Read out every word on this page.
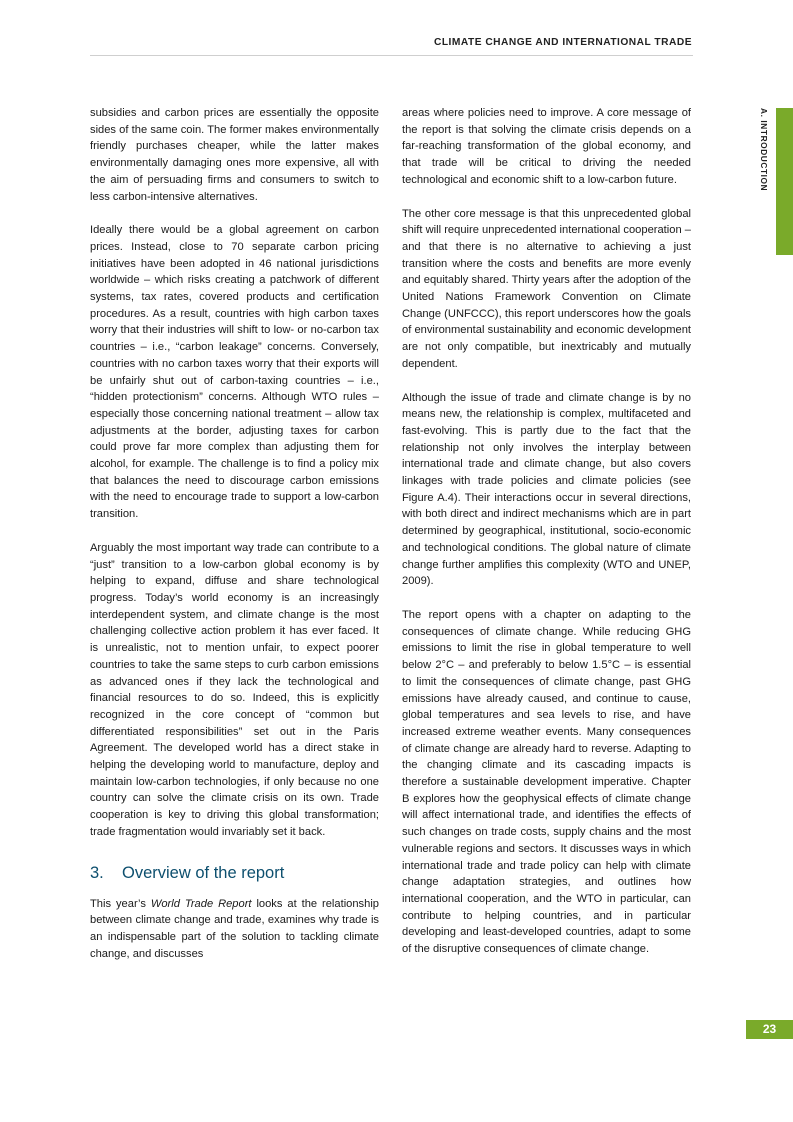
CLIMATE CHANGE AND INTERNATIONAL TRADE
A. INTRODUCTION

subsidies and carbon prices are essentially the opposite sides of the same coin. The former makes environmentally friendly purchases cheaper, while the latter makes environmentally damaging ones more expensive, all with the aim of persuading firms and consumers to switch to less carbon-intensive alternatives.

Ideally there would be a global agreement on carbon prices. Instead, close to 70 separate carbon pricing initiatives have been adopted in 46 national jurisdictions worldwide – which risks creating a patchwork of different systems, tax rates, covered products and certification procedures. As a result, countries with high carbon taxes worry that their industries will shift to low- or no-carbon tax countries – i.e., “carbon leakage” concerns. Conversely, countries with no carbon taxes worry that their exports will be unfairly shut out of carbon-taxing countries – i.e., “hidden protectionism” concerns. Although WTO rules – especially those concerning national treatment – allow tax adjustments at the border, adjusting taxes for carbon could prove far more complex than adjusting them for alcohol, for example. The challenge is to find a policy mix that balances the need to discourage carbon emissions with the need to encourage trade to support a low-carbon transition.

Arguably the most important way trade can contribute to a “just” transition to a low-carbon global economy is by helping to expand, diffuse and share technological progress. Today’s world economy is an increasingly interdependent system, and climate change is the most challenging collective action problem it has ever faced. It is unrealistic, not to mention unfair, to expect poorer countries to take the same steps to curb carbon emissions as advanced ones if they lack the technological and financial resources to do so. Indeed, this is explicitly recognized in the core concept of “common but differentiated responsibilities” set out in the Paris Agreement. The developed world has a direct stake in helping the developing world to manufacture, deploy and maintain low-carbon technologies, if only because no one country can solve the climate crisis on its own. Trade cooperation is key to driving this global transformation; trade fragmentation would invariably set it back.

3. Overview of the report

This year’s World Trade Report looks at the relationship between climate change and trade, examines why trade is an indispensable part of the solution to tackling climate change, and discusses

areas where policies need to improve. A core message of the report is that solving the climate crisis depends on a far-reaching transformation of the global economy, and that trade will be critical to driving the needed technological and economic shift to a low-carbon future.

The other core message is that this unprecedented global shift will require unprecedented international cooperation – and that there is no alternative to achieving a just transition where the costs and benefits are more evenly and equitably shared. Thirty years after the adoption of the United Nations Framework Convention on Climate Change (UNFCCC), this report underscores how the goals of environmental sustainability and economic development are not only compatible, but inextricably and mutually dependent.

Although the issue of trade and climate change is by no means new, the relationship is complex, multifaceted and fast-evolving. This is partly due to the fact that the relationship not only involves the interplay between international trade and climate change, but also covers linkages with trade policies and climate policies (see Figure A.4). Their interactions occur in several directions, with both direct and indirect mechanisms which are in part determined by geographical, institutional, socio-economic and technological conditions. The global nature of climate change further amplifies this complexity (WTO and UNEP, 2009).

The report opens with a chapter on adapting to the consequences of climate change. While reducing GHG emissions to limit the rise in global temperature to well below 2°C – and preferably to below 1.5°C – is essential to limit the consequences of climate change, past GHG emissions have already caused, and continue to cause, global temperatures and sea levels to rise, and have increased extreme weather events. Many consequences of climate change are already hard to reverse. Adapting to the changing climate and its cascading impacts is therefore a sustainable development imperative. Chapter B explores how the geophysical effects of climate change will affect international trade, and identifies the effects of such changes on trade costs, supply chains and the most vulnerable regions and sectors. It discusses ways in which international trade and trade policy can help with climate change adaptation strategies, and outlines how international cooperation, and the WTO in particular, can contribute to helping countries, and in particular developing and least-developed countries, adapt to some of the disruptive consequences of climate change.

23
